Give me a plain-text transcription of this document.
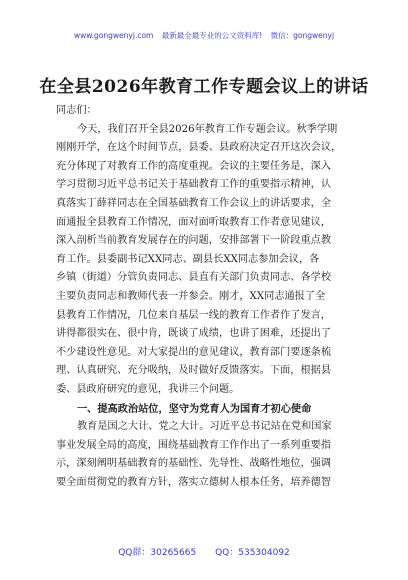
www.gongwenyj.com 最新最全最专业的公文资料库! 微信：gongwenyj
在全县2026年教育工作专题会议上的讲话
同志们：
今天，我们召开全县2026年教育工作专题会议。秋季学期
刚刚开学，在这个时间节点，县委、县政府决定召开这次会议，
充分体现了对教育工作的高度重视。会议的主要任务是，深入
学习贯彻习近平总书记关于基础教育工作的重要指示精神，认
真落实丁薛祥同志在全国基础教育工作会议上的讲话要求，全
面通报全县教育工作情况，面对面听取教育工作者意见建议，
深入剖析当前教育发展存在的问题，安排部署下一阶段重点教
育工作。县委副书记XX同志、副县长XX同志参加会议，各
乡镇（街道）分管负责同志、县直有关部门负责同志、各学校
主要负责同志和教师代表一并参会。刚才，XX同志通报了全
县教育工作情况，几位来自基层一线的教育工作者作了发言，
讲得都很实在、很中肯，既谈了成绩，也讲了困难，还提出了
不少建设性意见。对大家提出的意见建议，教育部门要逐条梳
理、认真研究、充分吸纳，及时做好反馈落实。下面，根据县
委、县政府研究的意见，我讲三个问题。
一、提高政治站位，坚守为党育人为国育才初心使命
教育是国之大计、党之大计。习近平总书记站在党和国家
事业发展全局的高度，围绕基础教育工作作出了一系列重要指
示，深刻阐明基础教育的基础性、先导性、战略性地位，强调
要全面贯彻党的教育方针，落实立德树人根本任务，培养德智
QQ群：30265665 QQ：535304092
